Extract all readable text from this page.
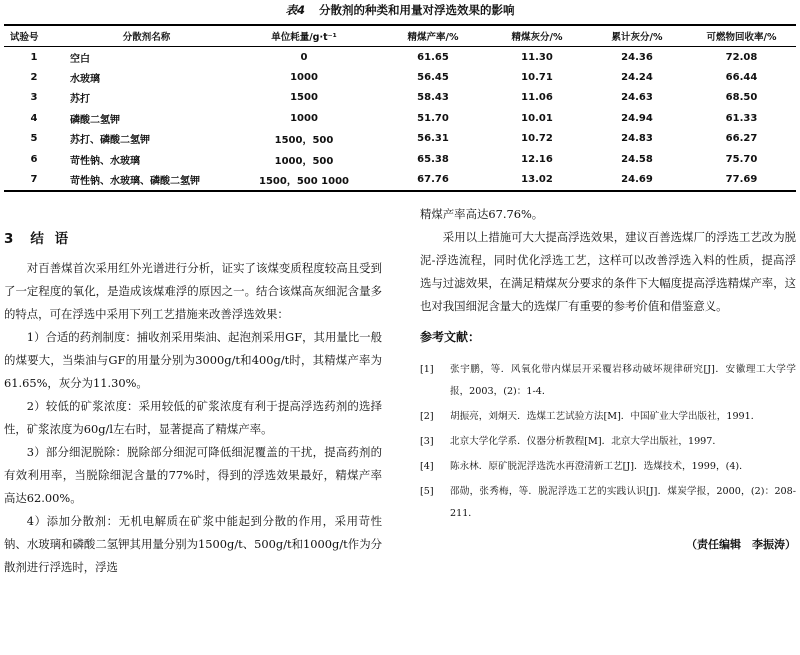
表4 分散剂的种类和用量对浮选效果的影响
试验号	分散剂名称	单位耗量/g·t⁻¹	精煤产率/%	精煤灰分/%	累计灰分/%	可燃物回收率/%
1	空白	0	61.65	11.30	24.36	72.08
2	水玻璃	1000	56.45	10.71	24.24	66.44
3	苏打	1500	58.43	11.06	24.63	68.50
4	磷酸二氢钾	1000	51.70	10.01	24.94	61.33
5	苏打、磷酸二氢钾	1500，500	56.31	10.72	24.83	66.27
6	苛性钠、水玻璃	1000，500	65.38	12.16	24.58	75.70
7	苛性钠、水玻璃、磷酸二氢钾	1500，500 1000	67.76	13.02	24.69	77.69
3 结 语

对百善煤首次采用红外光谱进行分析，证实了该煤变质程度较高且受到了一定程度的氧化，是造成该煤难浮的原因之一。结合该煤高灰细泥含量多的特点，可在浮选中采用下列工艺措施来改善浮选效果：

1）合适的药剂制度：捕收剂采用柴油、起泡剂采用GF，其用量比一般的煤要大，当柴油与GF的用量分别为3000g/t和400g/t时，其精煤产率为61.65%，灰分为11.30%。

2）较低的矿浆浓度：采用较低的矿浆浓度有利于提高浮选药剂的选择性，矿浆浓度为60g/l左右时，显著提高了精煤产率。

3）部分细泥脱除：脱除部分细泥可降低细泥覆盖的干扰，提高药剂的有效利用率，当脱除细泥含量的77%时，得到的浮选效果最好，精煤产率高达62.00%。

4）添加分散剂：无机电解质在矿浆中能起到分散的作用，采用苛性钠、水玻璃和磷酸二氢钾其用量分别为1500g/t、500g/t和1000g/t作为分散剂进行浮选时，浮选

精煤产率高达67.76%。

采用以上措施可大大提高浮选效果，建议百善选煤厂的浮选工艺改为脱泥-浮选流程，同时优化浮选工艺，这样可以改善浮选入料的性质，提高浮选与过滤效果，在满足精煤灰分要求的条件下大幅度提高浮选精煤产率，这也对我国细泥含量大的选煤厂有重要的参考价值和借鉴意义。

参考文献：
[1]	张宇鹏，等．风氧化带内煤层开采覆岩移动破坏规律研究[J]．安徽理工大学学报，2003，(2)：1-4．
[2]	胡振亮，刘炯天．选煤工艺试验方法[M]．中国矿业大学出版社，1991．
[3]	北京大学化学系．仪器分析教程[M]．北京大学出版社，1997．
[4]	陈永林．原矿脱泥浮选洗水再澄清新工艺[J]．选煤技术，1999，(4)．
[5]	邵勋，张秀梅，等．脱泥浮选工艺的实践认识[J]．煤炭学报，2000，(2)：208-211．
（责任编辑　李振涛）
